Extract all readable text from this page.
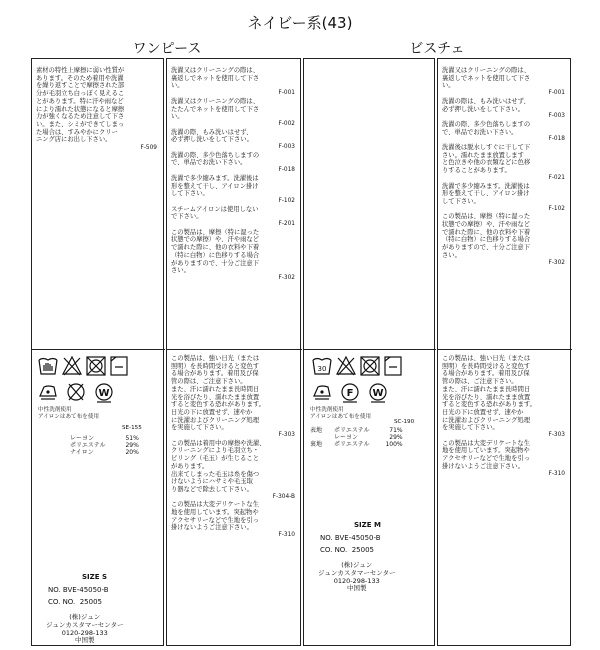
ネイビー系(43)
ワンピース	ビスチェ
素材の特性上摩擦に弱い性質が
あります。そのため着用や洗濯
を繰り返すことで摩擦された部
分が毛羽立ち白っぽく見えるこ
とがあります。特に汗や雨など
により濡れた状態になると摩擦
力が強くなるため注意して下さ
い。また、シミができてしまっ
た場合は、すみやかにクリー
ニング店にお出し下さい。
F-509
W
中性洗剤使用
アイロンはあて布を使用
SE-155
レーヨン	51%
ポリエステル	29%
ナイロン	20%
SIZE S
NO. BVE-45050-B
CO. NO.  25005
(株)ジュン
ジュンカスタマーセンター
0120-298-133
中国製
洗濯又はクリーニングの際は、
裏返しでネットを使用して下さ
い。
F-001
洗濯又はクリーニングの際は、
たたんでネットを使用して下さ
い。
F-002
洗濯の際、もみ洗いはせず、
必ず押し洗いをして下さい。
F-003
洗濯の際、多少色落ちしますの
で、単品でお洗い下さい。
F-018
洗濯で多少縮みます。洗濯後は
形を整えて干し、アイロン掛け
して下さい。
F-102
スチームアイロンは使用しない
で下さい。
F-201
この製品は、摩擦（特に湿った
状態での摩擦）や、汗や雨など
で濡れた際に、他の衣料や下着
（特に白物）に色移りする場合
がありますので、十分ご注意下
さい。
F-302
この製品は、強い日光（または
照明）を長時間受けると変色す
る場合があります。着用及び保
管の際は、ご注意下さい。
また、汗に濡れたまま長時間日
光を浴びたり、濡れたまま放置
すると変色する恐れがあります。
日光の下に放置せず、速やか
に洗濯およびクリーニング処理
を実施して下さい。
F-303
この製品は着用中の摩擦や洗濯、
クリーニングにより毛羽立ち・
ピリング（毛玉）が生じること
があります。
出来てしまった毛玉は糸を傷つ
けないようにハサミや毛玉取
り器などで除去して下さい。
F-304-B
この製品は大変デリケートな生
地を使用しています。突起物や
アクセサリーなどで生地を引っ
掛けないようご注意下さい。
F-310
30
F W
中性洗剤使用
アイロンはあて布を使用
SC-190
表地	ポリエステル	71%
	レーヨン	29%
裏地	ポリエステル	100%
SIZE M
NO. BVE-45050-B
CO. NO.  25005
(株)ジュン
ジュンカスタマーセンター
0120-298-133
中国製
洗濯又はクリーニングの際は、
裏返しでネットを使用して下さ
い。
F-001
洗濯の際は、もみ洗いはせず、
必ず押し洗いをして下さい。
F-003
洗濯の際、多少色落ちしますの
で、単品でお洗い下さい。
F-018
洗濯後は脱水しすぐに干して下
さい。濡れたまま放置します
と色泣きや他の衣類などに色移
りすることがあります。
F-021
洗濯で多少縮みます。洗濯後は
形を整えて干し、アイロン掛け
して下さい。
F-102
この製品は、摩擦（特に湿った
状態での摩擦）や、汗や雨など
で濡れた際に、他の衣料や下着
（特に白物）に色移りする場合
がありますので、十分ご注意下
さい。
F-302
この製品は、強い日光（または
照明）を長時間受けると変色す
る場合があります。着用及び保
管の際は、ご注意下さい。
また、汗に濡れたまま長時間日
光を浴びたり、濡れたまま放置
すると変色する恐れがあります。
日光の下に放置せず、速やか
に洗濯およびクリーニング処理
を実施して下さい。
F-303
この製品は大変デリケートな生
地を使用しています。突起物や
アクセサリーなどで生地を引っ
掛けないようご注意下さい。
F-310
